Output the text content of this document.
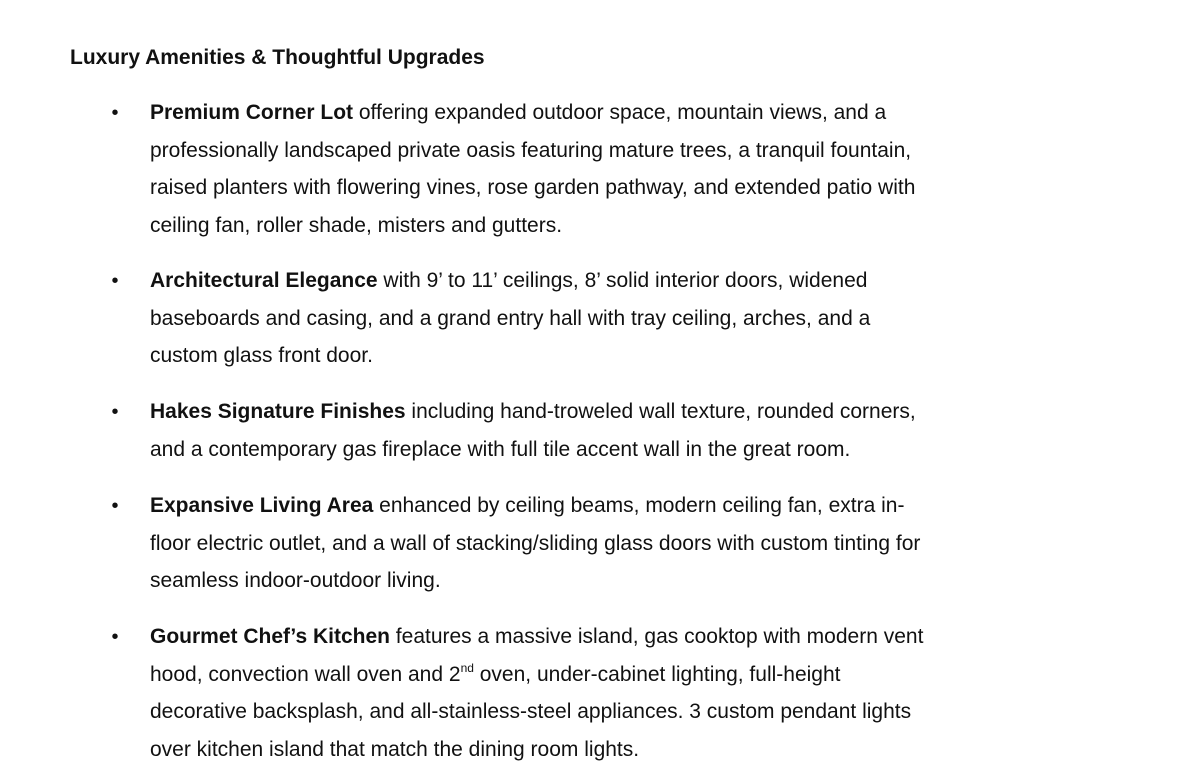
Luxury Amenities & Thoughtful Upgrades
• Premium Corner Lot offering expanded outdoor space, mountain views, and a
professionally landscaped private oasis featuring mature trees, a tranquil fountain,
raised planters with flowering vines, rose garden pathway, and extended patio with
ceiling fan, roller shade, misters and gutters.
• Architectural Elegance with 9’ to 11’ ceilings, 8’ solid interior doors, widened
baseboards and casing, and a grand entry hall with tray ceiling, arches, and a
custom glass front door.
• Hakes Signature Finishes including hand-troweled wall texture, rounded corners,
and a contemporary gas fireplace with full tile accent wall in the great room.
• Expansive Living Area enhanced by ceiling beams, modern ceiling fan, extra in-
floor electric outlet, and a wall of stacking/sliding glass doors with custom tinting for
seamless indoor-outdoor living.
• Gourmet Chef’s Kitchen features a massive island, gas cooktop with modern vent
hood, convection wall oven and 2nd oven, under-cabinet lighting, full-height
decorative backsplash, and all-stainless-steel appliances. 3 custom pendant lights
over kitchen island that match the dining room lights.
